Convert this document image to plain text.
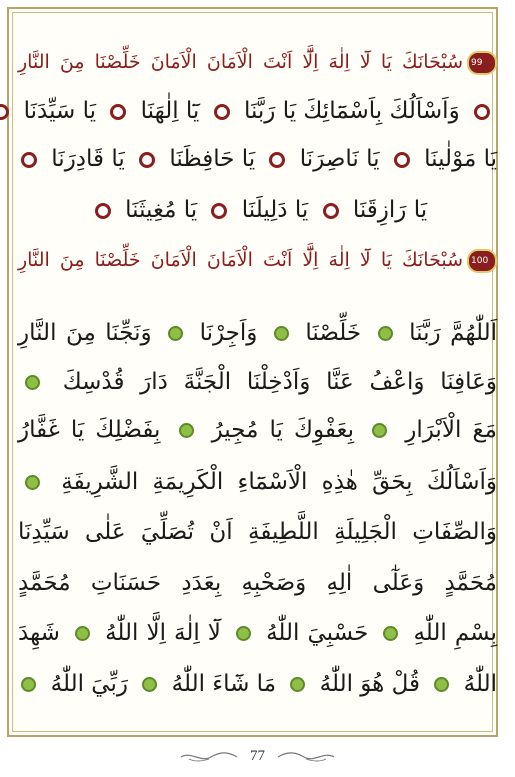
99سُبْحَانَكَ يَا لَٓا اِلٰهَ اِلَّٓا اَنْتَ الْاَمَانَ الْاَمَانَ خَلِّصْنَا مِنَ النَّارِ
وَاَسْاَلُكَ بِاَسْمَٓائِكَ يَا رَبَّنَا  يَٓا اِلٰهَنَا  يَا سَيِّدَنَا
يَا مَوْلٰينَا  يَا نَاصِرَنَا  يَا حَافِظَنَا  يَا قَادِرَنَا
يَا رَازِقَنَا  يَا دَلِيلَنَا  يَا مُغِيثَنَا
100سُبْحَانَكَ يَا لَٓا اِلٰهَ اِلَّٓا اَنْتَ الْاَمَانَ الْاَمَانَ خَلِّصْنَا مِنَ النَّارِ
اَللّٰهُمَّ رَبَّنَا  خَلِّصْنَا  وَاَجِرْنَا  وَنَجِّنَا مِنَ النَّارِ
وَعَافِنَا وَاعْفُ عَنَّا وَاَدْخِلْنَا الْجَنَّةَ دَارَ قُدْسِكَ
مَعَ الْاَبْرَارِ  بِعَفْوِكَ يَا مُجِيرُ  بِفَضْلِكَ يَا غَفَّارُ
وَاَسْاَلُكَ بِحَقِّ هٰذِهِ الْاَسْمَٓاءِ الْكَرِيمَةِ الشَّرِيفَةِ
وَالصِّفَاتِ الْجَلِيلَةِ اللَّطِيفَةِ اَنْ تُصَلِّيَ عَلٰى سَيِّدِنَا
مُحَمَّدٍ وَعَلٰٓى اٰلِهِ وَصَحْبِهِ بِعَدَدِ حَسَنَاتِ مُحَمَّدٍ
بِسْمِ اللّٰهِ  حَسْبِيَ اللّٰهُ  لَٓا اِلٰهَ اِلَّا اللّٰهُ  شَهِدَ
اللّٰهُ  قُلْ هُوَ اللّٰهُ  مَا شَٓاءَ اللّٰهُ  رَبِّيَ اللّٰهُ
77
